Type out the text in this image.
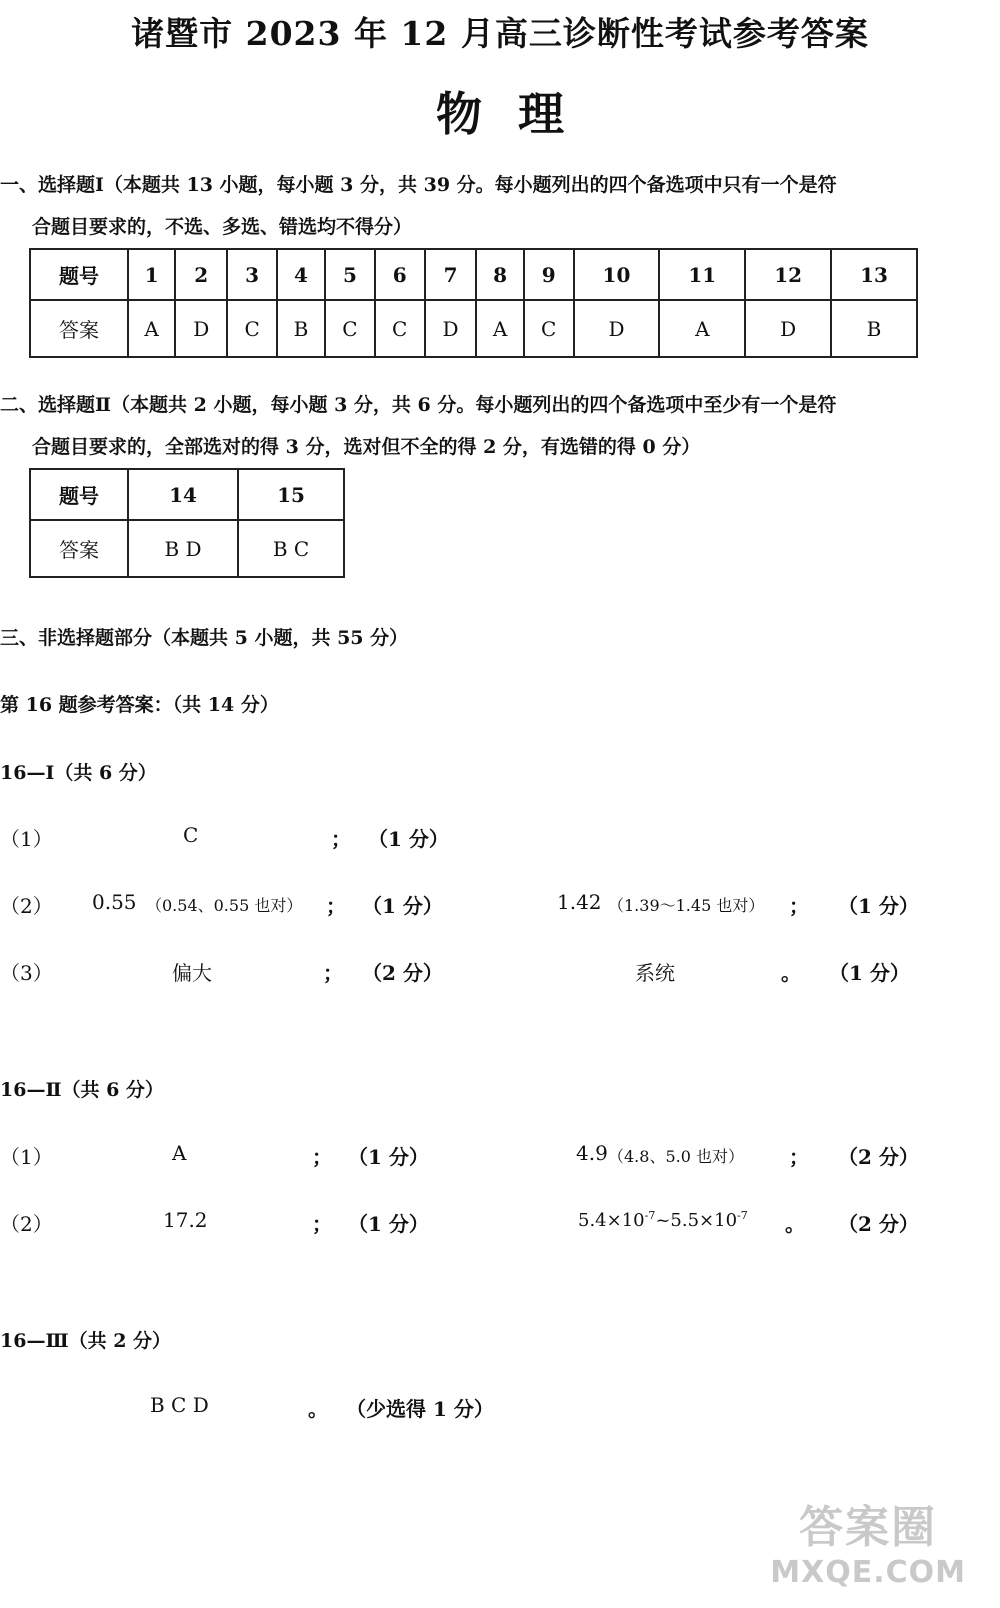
诸暨市 2023 年 12 月高三诊断性考试参考答案
物理
一、选择题Ⅰ（本题共 13 小题，每小题 3 分，共 39 分。每小题列出的四个备选项中只有一个是符
合题目要求的，不选、多选、错选均不得分）
题号	1	2	3	4	5	6	7	8	9	10	11	12	13
答案	A	D	C	B	C	C	D	A	C	D	A	D	B
二、选择题Ⅱ（本题共 2 小题，每小题 3 分，共 6 分。每小题列出的四个备选项中至少有一个是符
合题目要求的，全部选对的得 3 分，选对但不全的得 2 分，有选错的得 0 分）
题号	14	15
答案	B D	B C
三、非选择题部分（本题共 5 小题，共 55 分）
第 16 题参考答案：（共 14 分）
16—Ⅰ（共 6 分）
（1）	C	； （1 分）
（2） 0.55 （0.54、0.55 也对） ； （1 分）	1.42 （1.39～1.45 也对） ； （1 分）
（3）	偏大	； （2 分）	系统	。 （1 分）
16—Ⅱ（共 6 分）
（1）	A	； （1 分）	4.9 （4.8、5.0 也对） ； （2 分）
（2）	17.2	； （1 分）	$5.4\times 10^{-7}\sim 5.5\times 10^{-7}$ 。 （2 分）
16—Ⅲ（共 2 分）
B C D	。 （少选得 1 分）
答案圈
MXQE.COM
